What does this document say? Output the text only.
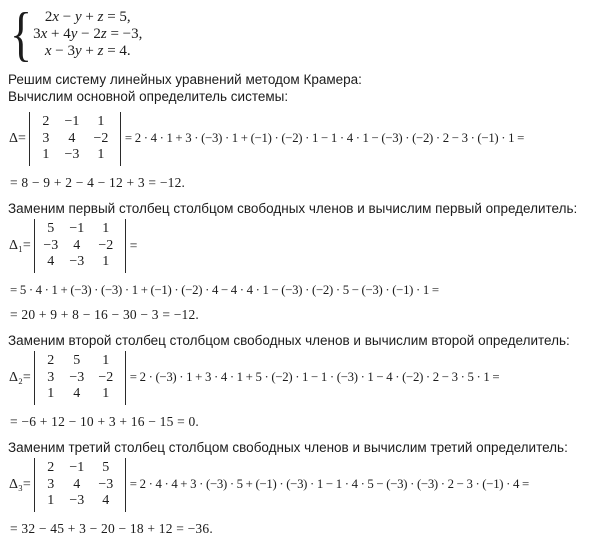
{ 2x − y + z = 5,
3x + 4y − 2z = −3,
x − 3y + z = 4.
Решим систему линейных уравнений методом Крамера:
Вычислим основной определитель системы:
Δ=
2	−1	1
3	4	−2
1	−3	1
= 2 · 4 · 1 + 3 · (−3) · 1 + (−1) · (−2) · 1 − 1 · 4 · 1 − (−3) · (−2) · 2 − 3 · (−1) · 1 =
= 8 − 9 + 2 − 4 − 12 + 3 = −12.
Заменим первый столбец столбцом свободных членов и вычислим первый определитель:
Δ₁=
5	−1	1
−3	4	−2
4	−3	1
=
= 5 · 4 · 1 + (−3) · (−3) · 1 + (−1) · (−2) · 4 − 4 · 4 · 1 − (−3) · (−2) · 5 − (−3) · (−1) · 1 =
= 20 + 9 + 8 − 16 − 30 − 3 = −12.
Заменим второй столбец столбцом свободных членов и вычислим второй определитель:
Δ₂=
2	5	1
3	−3	−2
1	4	1
= 2 · (−3) · 1 + 3 · 4 · 1 + 5 · (−2) · 1 − 1 · (−3) · 1 − 4 · (−2) · 2 − 3 · 5 · 1 =
= −6 + 12 − 10 + 3 + 16 − 15 = 0.
Заменим третий столбец столбцом свободных членов и вычислим третий определитель:
Δ₃=
2	−1	5
3	4	−3
1	−3	4
= 2 · 4 · 4 + 3 · (−3) · 5 + (−1) · (−3) · 1 − 1 · 4 · 5 − (−3) · (−3) · 2 − 3 · (−1) · 4 =
= 32 − 45 + 3 − 20 − 18 + 12 = −36.
